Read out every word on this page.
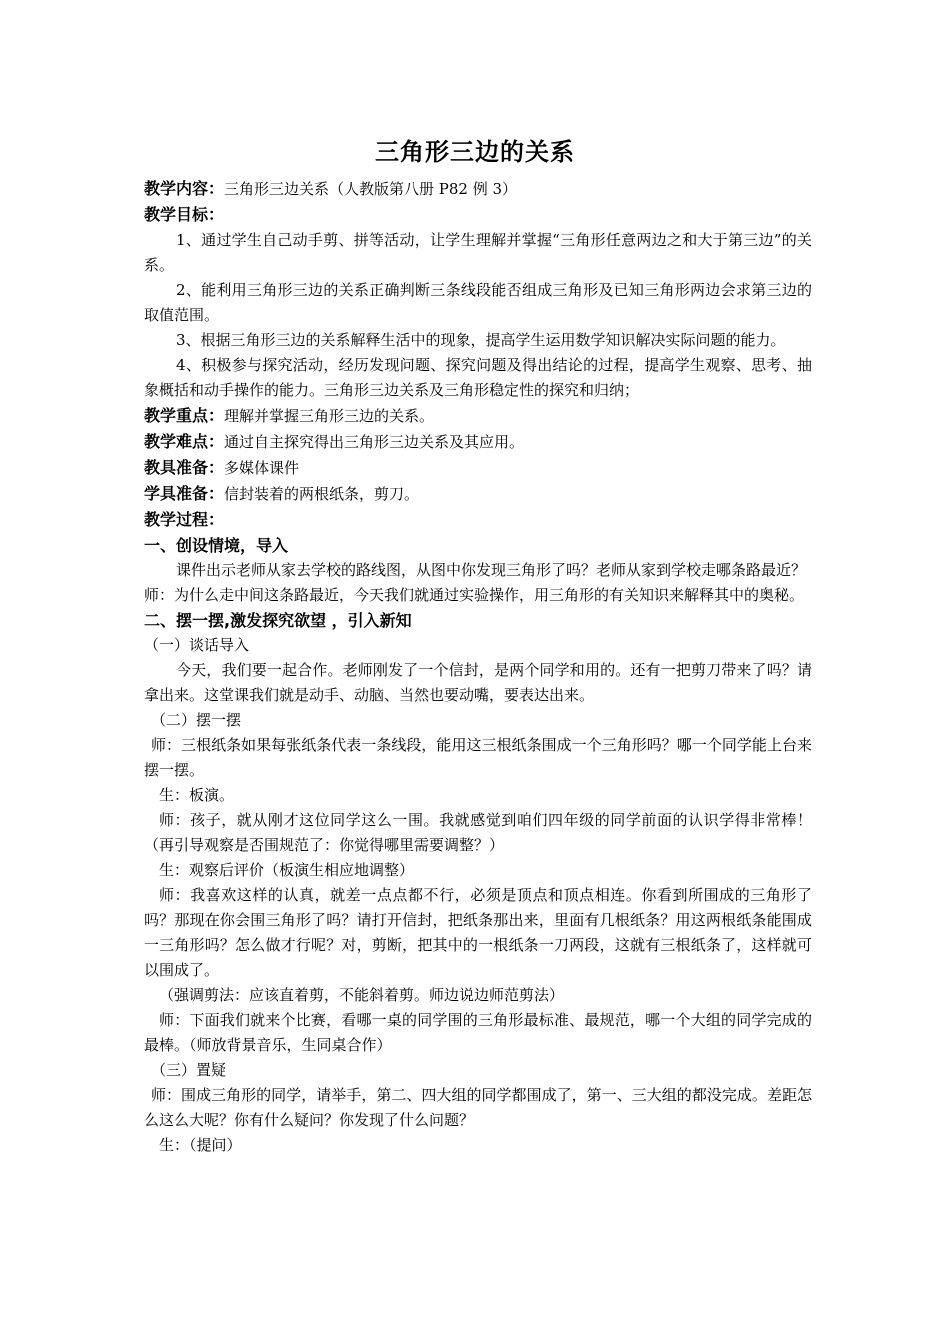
三角形三边的关系
教学内容：三角形三边关系（人教版第八册 P82 例 3）
教学目标：
1、通过学生自己动手剪、拼等活动，让学生理解并掌握“三角形任意两边之和大于第三边”的关系。
2、能利用三角形三边的关系正确判断三条线段能否组成三角形及已知三角形两边会求第三边的取值范围。
3、根据三角形三边的关系解释生活中的现象，提高学生运用数学知识解决实际问题的能力。
4、积极参与探究活动，经历发现问题、探究问题及得出结论的过程，提高学生观察、思考、抽象概括和动手操作的能力。三角形三边关系及三角形稳定性的探究和归纳；
教学重点：理解并掌握三角形三边的关系。
教学难点：通过自主探究得出三角形三边关系及其应用。
教具准备：多媒体课件
学具准备：信封装着的两根纸条，剪刀。
教学过程：
一、创设情境，导入
课件出示老师从家去学校的路线图，从图中你发现三角形了吗？老师从家到学校走哪条路最近？
师：为什么走中间这条路最近，今天我们就通过实验操作，用三角形的有关知识来解释其中的奥秘。
二、摆一摆,激发探究欲望 ，引入新知
（一）谈话导入
今天，我们要一起合作。老师刚发了一个信封，是两个同学和用的。还有一把剪刀带来了吗？请拿出来。这堂课我们就是动手、动脑、当然也要动嘴，要表达出来。
（二）摆一摆
师：三根纸条如果每张纸条代表一条线段，能用这三根纸条围成一个三角形吗？哪一个同学能上台来摆一摆。
生：板演。
师：孩子，就从刚才这位同学这么一围。我就感觉到咱们四年级的同学前面的认识学得非常棒！（再引导观察是否围规范了：你觉得哪里需要调整？）
生：观察后评价（板演生相应地调整）
师：我喜欢这样的认真，就差一点点都不行，必须是顶点和顶点相连。你看到所围成的三角形了吗？那现在你会围三角形了吗？请打开信封，把纸条那出来，里面有几根纸条？用这两根纸条能围成一三角形吗？怎么做才行呢？对，剪断，把其中的一根纸条一刀两段，这就有三根纸条了，这样就可以围成了。
（强调剪法：应该直着剪，不能斜着剪。师边说边师范剪法）
师：下面我们就来个比赛，看哪一桌的同学围的三角形最标准、最规范，哪一个大组的同学完成的最棒。（师放背景音乐，生同桌合作）
（三）置疑
师：围成三角形的同学，请举手，第二、四大组的同学都围成了，第一、三大组的都没完成。差距怎么这么大呢？你有什么疑问？你发现了什么问题？
生：（提问）
